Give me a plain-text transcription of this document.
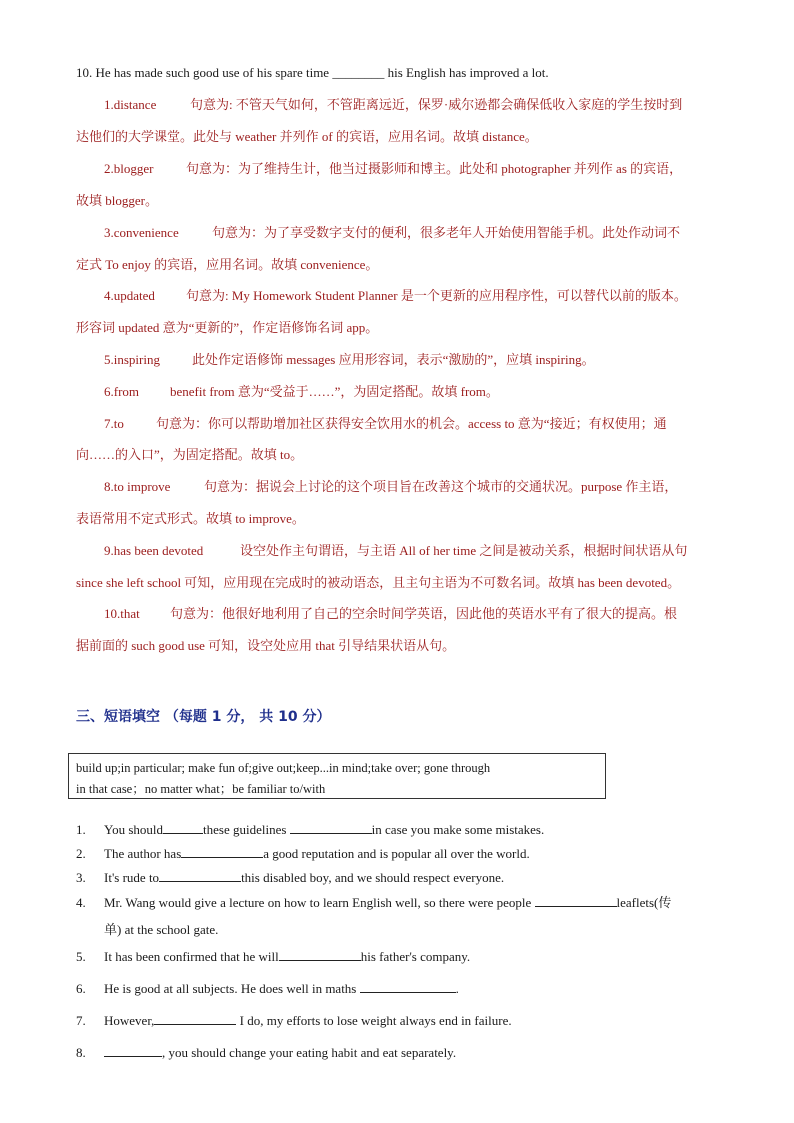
10. He has made such good use of his spare time ________ his English has improved a lot.
1.distance	句意为: 不管天气如何，不管距离远近，保罗·威尔逊都会确保低收入家庭的学生按时到
达他们的大学课堂。此处与 weather 并列作 of 的宾语，应用名词。故填 distance。
2.blogger	句意为：为了维持生计，他当过摄影师和博主。此处和 photographer 并列作 as 的宾语，
故填 blogger。
3.convenience	句意为：为了享受数字支付的便利，很多老年人开始使用智能手机。此处作动词不
定式 To enjoy 的宾语，应用名词。故填 convenience。
4.updated 句意为: My Homework Student Planner 是一个更新的应用程序性，可以替代以前的版本。
形容词 updated 意为“更新的”，作定语修饰名词 app。
5.inspiring 此处作定语修饰 messages 应用形容词，表示“激励的”，应填 inspiring。
6.from benefit from 意为“受益于……”，为固定搭配。故填 from。
7.to 句意为：你可以帮助增加社区获得安全饮用水的机会。access to 意为“接近；有权使用；通
向……的入口”，为固定搭配。故填 to。
8.to improve	句意为：据说会上讨论的这个项目旨在改善这个城市的交通状况。purpose 作主语，
表语常用不定式形式。故填 to improve。
9.has been devoted	设空处作主句谓语，与主语 All of her time 之间是被动关系，根据时间状语从句
since she left school 可知，应用现在完成时的被动语态，且主句主语为不可数名词。故填 has been devoted。
10.that 句意为：他很好地利用了自己的空余时间学英语，因此他的英语水平有了很大的提高。根
据前面的 such good use 可知，设空处应用 that 引导结果状语从句。
三、短语填空 （每题 1 分， 共 10 分）
build up;in particular; make fun of;give out;keep...in mind;take over; gone through
in that case；no matter what；be familiar to/with
1. You should	these guidelines	in case you make some mistakes.
2. The author has	a good reputation and is popular all over the world.
3. It's rude to	this disabled boy, and we should respect everyone.
4. Mr. Wang would give a lecture on how to learn English well, so there were people	leaflets(传
单) at the school gate.
5. It has been confirmed that he will	his father's company.
6. He is good at all subjects. He does well in maths	.
7. However,	I do, my efforts to lose weight always end in failure.
8.	, you should change your eating habit and eat separately.
